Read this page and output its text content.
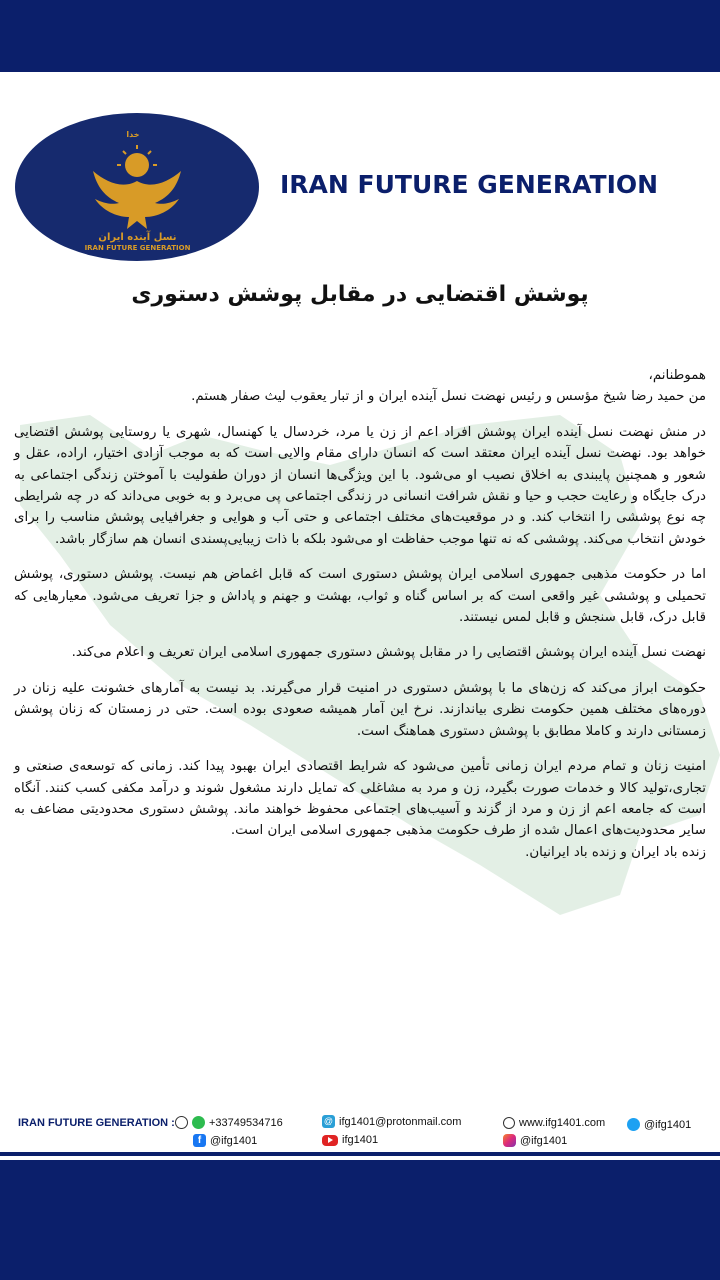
خدا
نسل آینده ایران
IRAN FUTURE GENERATION
IRAN FUTURE GENERATION
پوشش اقتضایی در مقابل پوشش دستوری

هموطنانم،

من حمید رضا شیخ مؤسس و رئیس نهضت نسل آینده ایران و از تبار یعقوب لیث صفار هستم.

در منش نهضت نسل آینده ایران پوشش افراد اعم از زن یا مرد، خردسال یا کهنسال، شهری یا روستایی پوشش اقتضایی خواهد بود. نهضت نسل آینده ایران معتقد است که انسان دارای مقام والایی است که به موجب آزادی اختیار، اراده، عقل و شعور و همچنین پایبندی به اخلاق نصیب او می‌شود. با این ویژگی‌ها انسان از دوران طفولیت با آموختن زندگی اجتماعی به درک جایگاه و رعایت حجب و حیا و نقش شرافت انسانی در زندگی اجتماعی پی می‌برد و به خوبی می‌داند که در چه شرایطی چه نوع پوششی را انتخاب کند. و در موقعیت‌های مختلف اجتماعی و حتی آب و هوایی و جغرافیایی پوشش مناسب را برای خودش انتخاب می‌کند. پوششی که نه تنها موجب حفاظت او می‌شود بلکه با ذات زیبایی‌پسندی انسان هم سازگار باشد.

اما در حکومت مذهبی جمهوری اسلامی ایران پوشش دستوری است که قابل اغماض هم نیست. پوشش دستوری، پوشش تحمیلی و پوششی غیر واقعی است که بر اساس گناه و ثواب، بهشت و جهنم و پاداش و جزا تعریف می‌شود. معیارهایی که قابل درک، قابل سنجش و قابل لمس نیستند.

نهضت نسل آینده ایران پوشش اقتضایی را در مقابل پوشش دستوری جمهوری اسلامی ایران تعریف و اعلام می‌کند.

حکومت ابراز می‌کند که زن‌های ما با پوشش دستوری در امنیت قرار می‌گیرند. بد نیست به آمارهای خشونت علیه زنان در دوره‌های مختلف همین حکومت نظری بیاندازند. نرخ این آمار همیشه صعودی بوده است. حتی در زمستان که زنان پوشش زمستانی دارند و کاملا مطابق با پوشش دستوری هماهنگ است.

امنیت زنان و تمام مردم ایران زمانی تأمین می‌شود که شرایط اقتصادی ایران بهبود پیدا کند. زمانی که توسعه‌ی صنعتی و تجاری،تولید کالا و خدمات صورت بگیرد، زن و مرد به مشاغلی که تمایل دارند مشغول شوند و درآمد مکفی کسب کنند. آنگاه است که جامعه اعم از زن و مرد از گزند و آسیب‌های اجتماعی محفوظ خواهند ماند. پوشش دستوری محدودیتی مضاعف به سایر محدودیت‌های اعمال شده از طرف حکومت مذهبی جمهوری اسلامی ایران است.

زنده باد ایران و زنده باد ایرانیان.

IRAN FUTURE GENERATION :	+33749534716
f @ifg1401
@ ifg1401@protonmail.com
ifg1401
www.ifg1401.com
@ifg1401
@ifg1401
